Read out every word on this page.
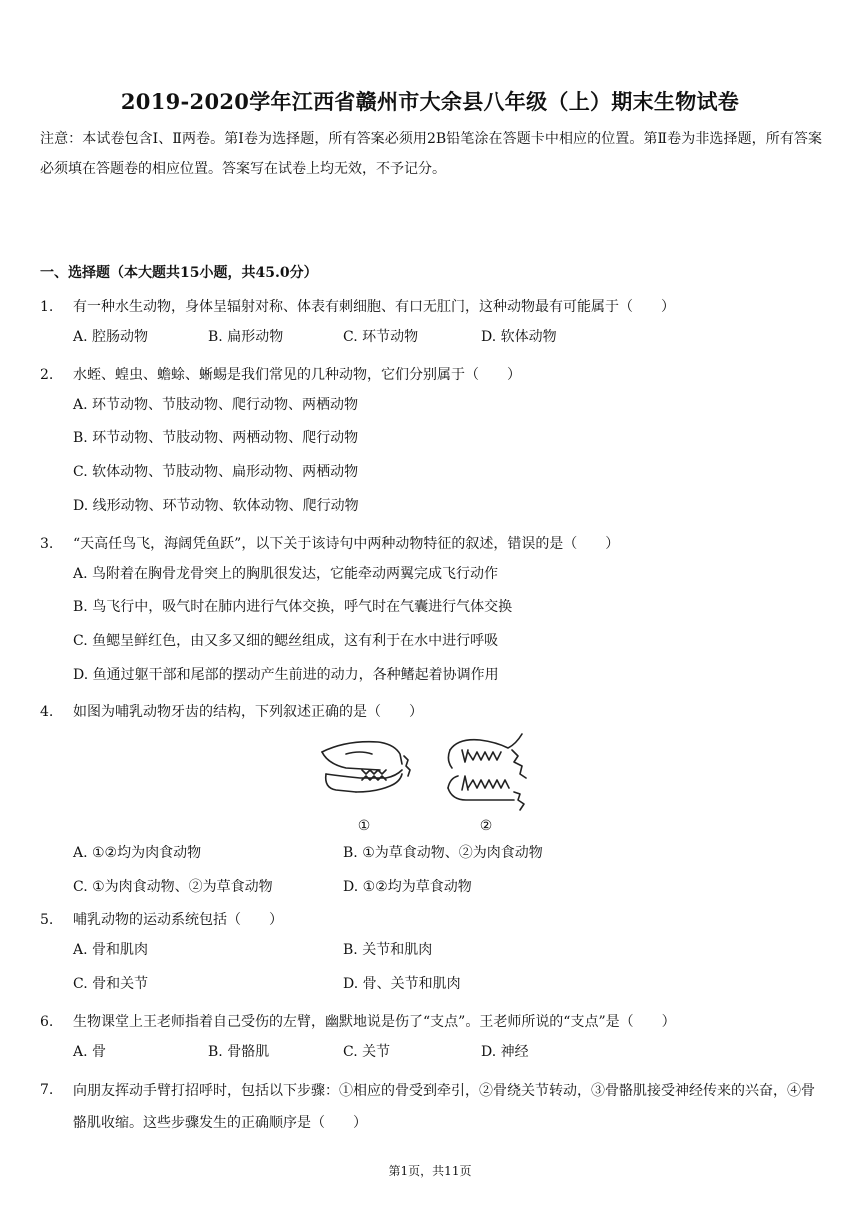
2019-2020学年江西省赣州市大余县八年级（上）期末生物试卷
注意：本试卷包含Ⅰ、Ⅱ两卷。第Ⅰ卷为选择题，所有答案必须用2B铅笔涂在答题卡中相应的位置。第Ⅱ卷为非选择题，所有答案必须填在答题卷的相应位置。答案写在试卷上均无效，不予记分。
一、选择题（本大题共15小题，共45.0分）
1.	有一种水生动物，身体呈辐射对称、体表有刺细胞、有口无肛门，这种动物最有可能属于（　　）
A. 腔肠动物	B. 扁形动物	C. 环节动物	D. 软体动物
2.	水蛭、蝗虫、蟾蜍、蜥蜴是我们常见的几种动物，它们分别属于（　　）
A. 环节动物、节肢动物、爬行动物、两栖动物
B. 环节动物、节肢动物、两栖动物、爬行动物
C. 软体动物、节肢动物、扁形动物、两栖动物
D. 线形动物、环节动物、软体动物、爬行动物
3.	“天高任鸟飞，海阔凭鱼跃”，以下关于该诗句中两种动物特征的叙述，错误的是（　　）
A. 鸟附着在胸骨龙骨突上的胸肌很发达，它能牵动两翼完成飞行动作
B. 鸟飞行中，吸气时在肺内进行气体交换，呼气时在气囊进行气体交换
C. 鱼鳃呈鲜红色，由又多又细的鳃丝组成，这有利于在水中进行呼吸
D. 鱼通过躯干部和尾部的摆动产生前进的动力，各种鳍起着协调作用
4.	如图为哺乳动物牙齿的结构，下列叙述正确的是（　　）
①	②
A. ①②均为肉食动物	B. ①为草食动物、②为肉食动物
C. ①为肉食动物、②为草食动物	D. ①②均为草食动物
5.	哺乳动物的运动系统包括（　　）
A. 骨和肌肉	B. 关节和肌肉
C. 骨和关节	D. 骨、关节和肌肉
6.	生物课堂上王老师指着自己受伤的左臂，幽默地说是伤了“支点”。王老师所说的“支点”是（　　）
A. 骨	B. 骨骼肌	C. 关节	D. 神经
7.	向朋友挥动手臂打招呼时，包括以下步骤：①相应的骨受到牵引，②骨绕关节转动，③骨骼肌接受神经传来的兴奋，④骨骼肌收缩。这些步骤发生的正确顺序是（　　）
第1页，共11页
